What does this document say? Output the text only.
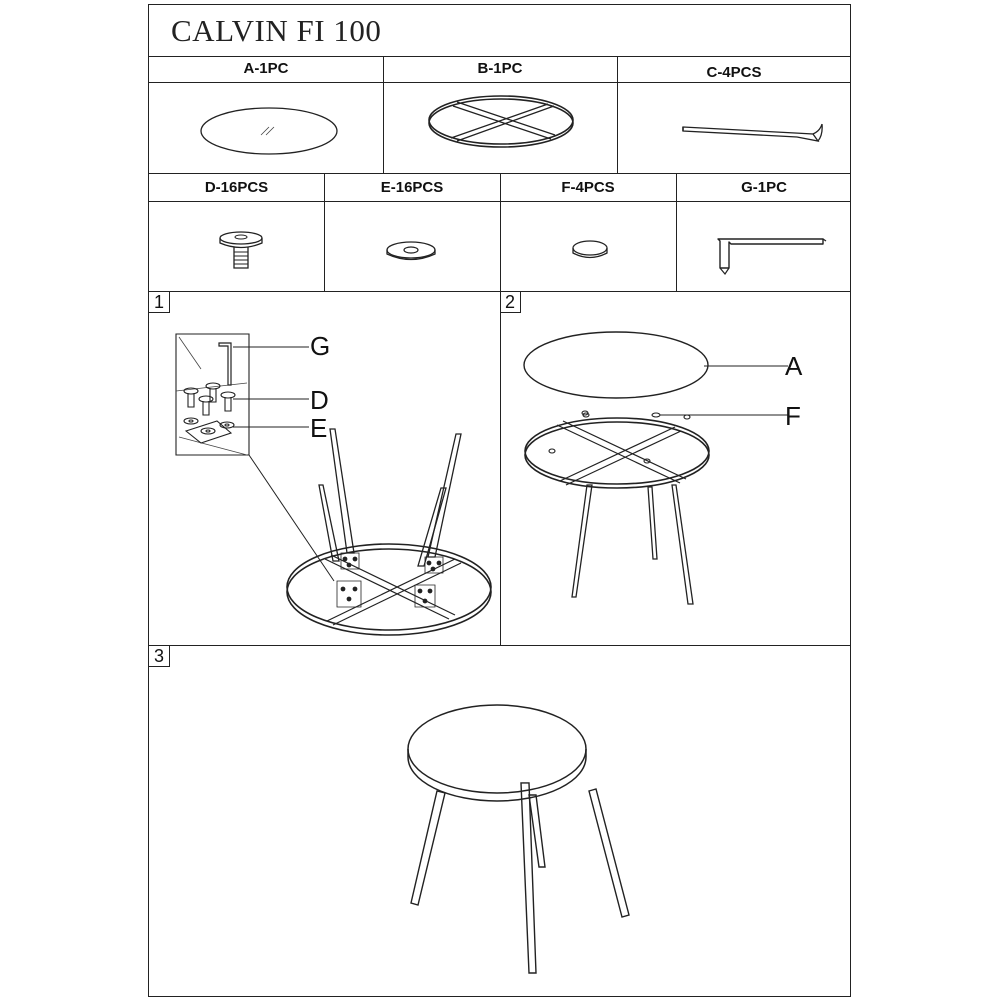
CALVIN FI 100
A-1PC	B-1PC	C-4PCS
D-16PCS	E-16PCS	F-4PCS	G-1PC
1
G
D
E
2
A
F
3
